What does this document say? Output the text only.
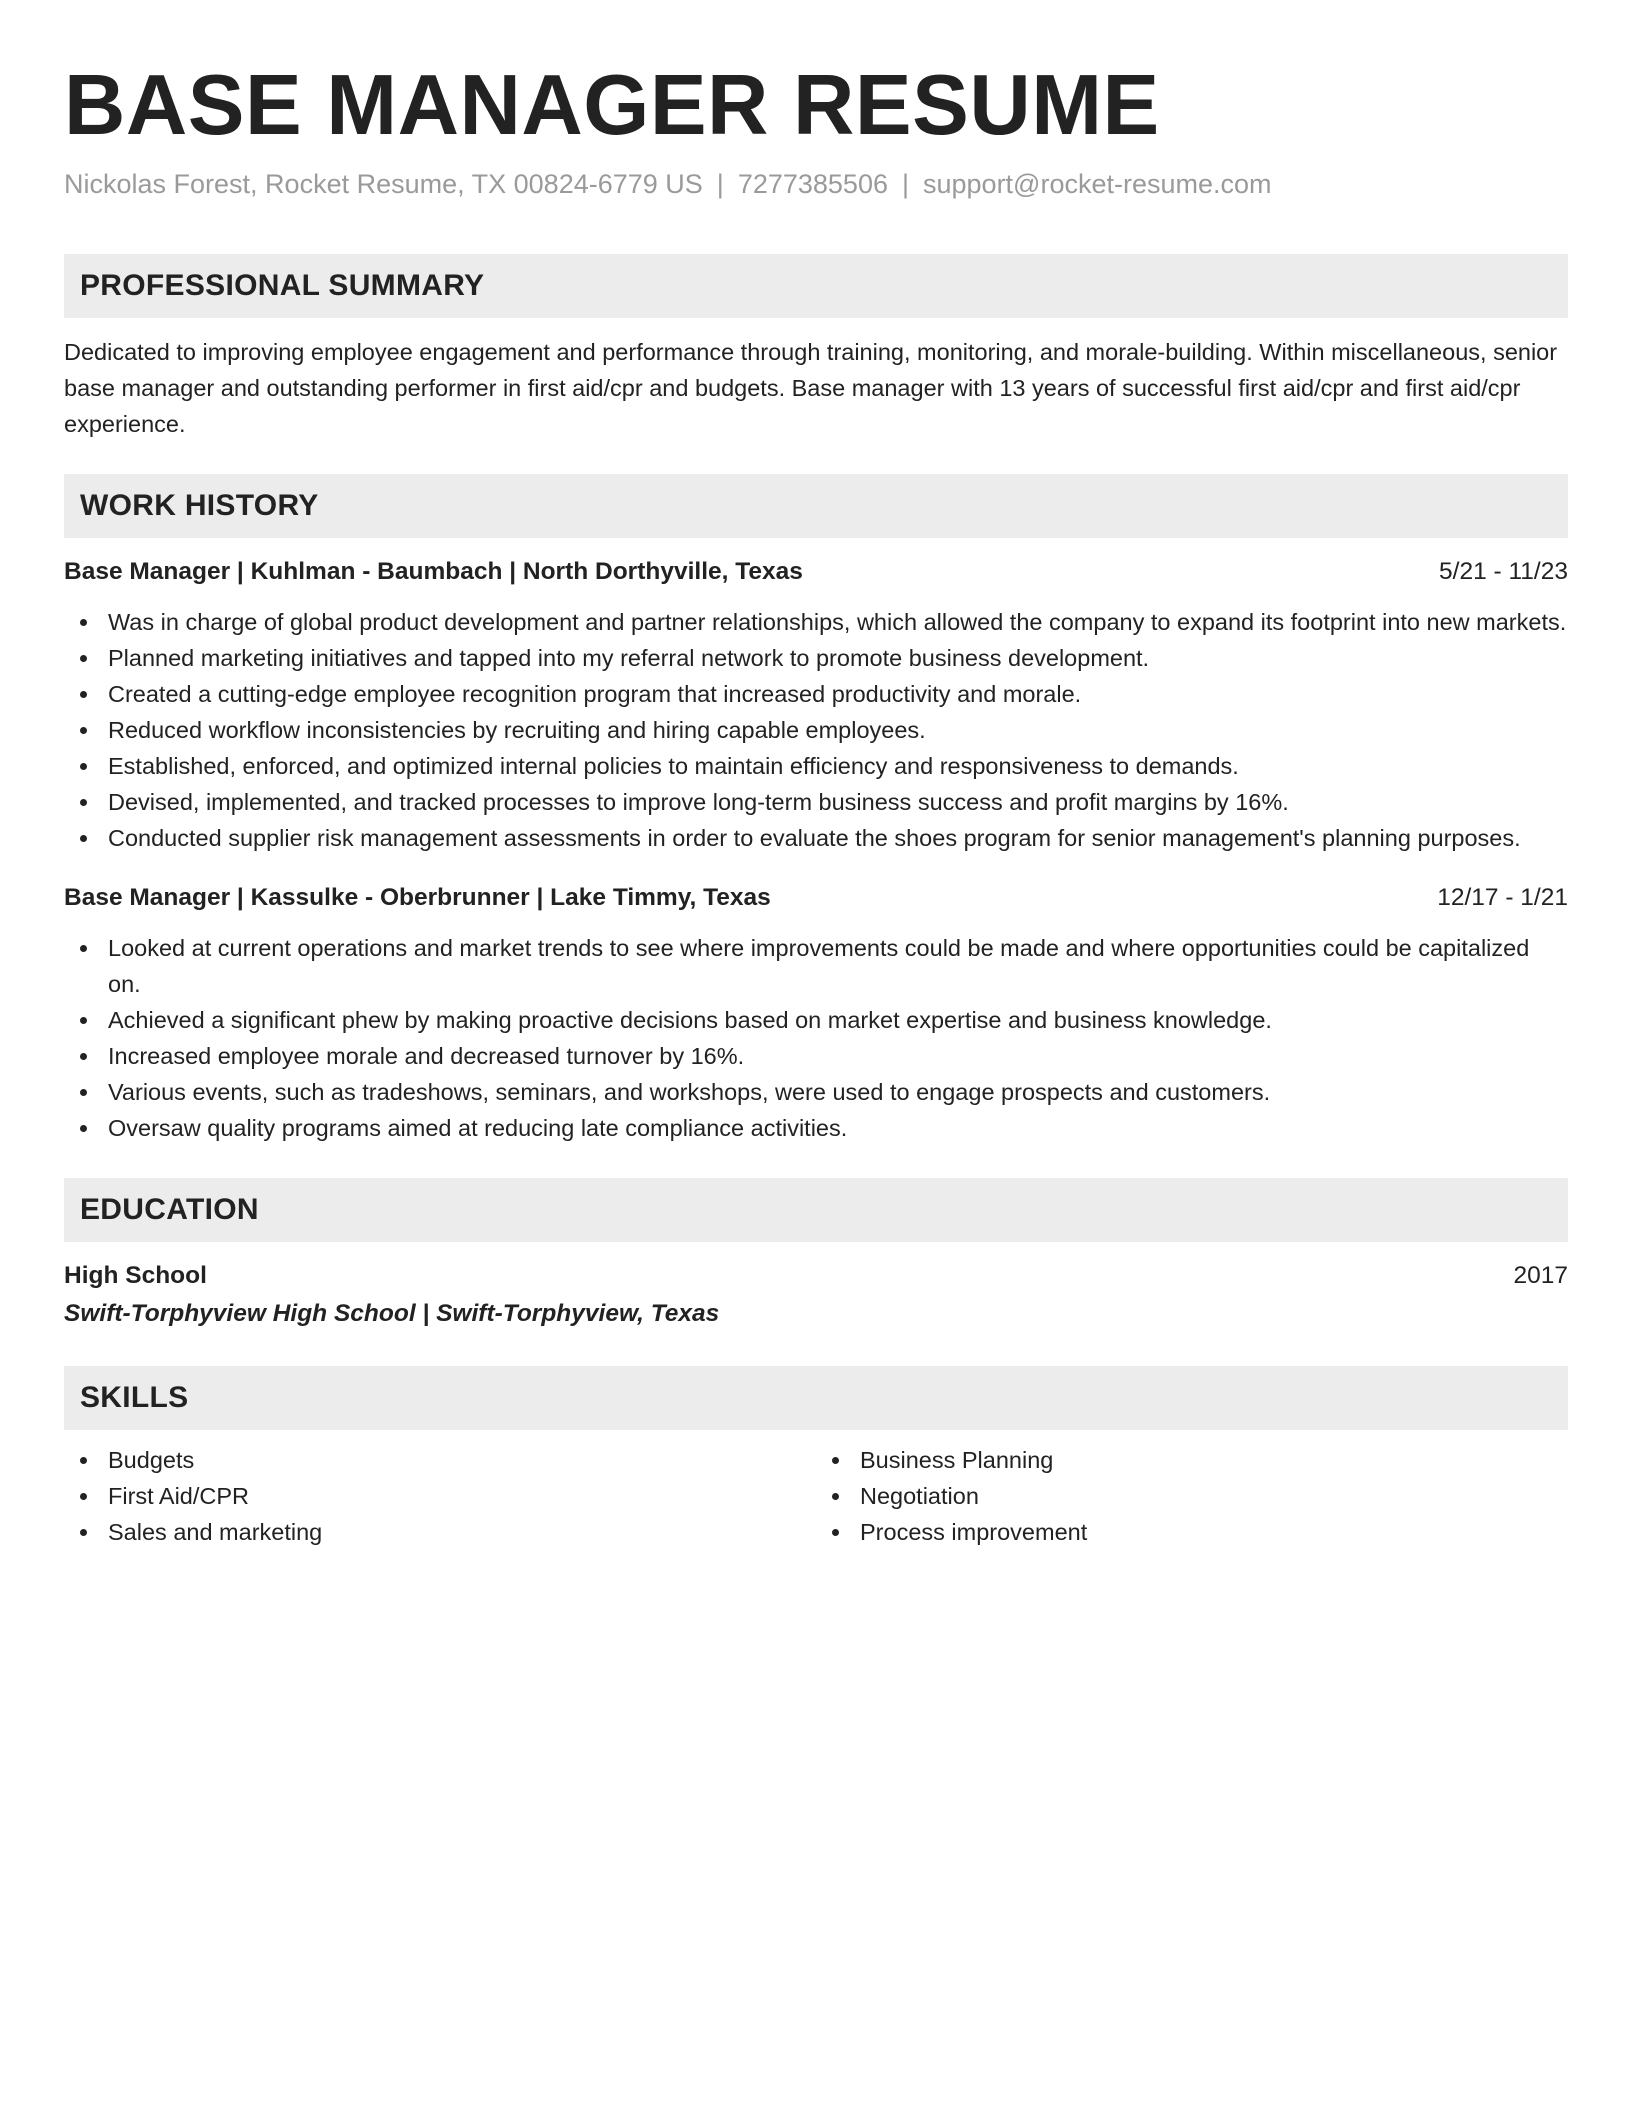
BASE MANAGER RESUME
Nickolas Forest, Rocket Resume, TX 00824-6779 US | 7277385506 | support@rocket-resume.com
PROFESSIONAL SUMMARY
Dedicated to improving employee engagement and performance through training, monitoring, and morale-building. Within miscellaneous, senior base manager and outstanding performer in first aid/cpr and budgets. Base manager with 13 years of successful first aid/cpr and first aid/cpr experience.
WORK HISTORY
Base Manager | Kuhlman - Baumbach | North Dorthyville, Texas	5/21 - 11/23
Was in charge of global product development and partner relationships, which allowed the company to expand its footprint into new markets.
Planned marketing initiatives and tapped into my referral network to promote business development.
Created a cutting-edge employee recognition program that increased productivity and morale.
Reduced workflow inconsistencies by recruiting and hiring capable employees.
Established, enforced, and optimized internal policies to maintain efficiency and responsiveness to demands.
Devised, implemented, and tracked processes to improve long-term business success and profit margins by 16%.
Conducted supplier risk management assessments in order to evaluate the shoes program for senior management's planning purposes.
Base Manager | Kassulke - Oberbrunner | Lake Timmy, Texas	12/17 - 1/21
Looked at current operations and market trends to see where improvements could be made and where opportunities could be capitalized on.
Achieved a significant phew by making proactive decisions based on market expertise and business knowledge.
Increased employee morale and decreased turnover by 16%.
Various events, such as tradeshows, seminars, and workshops, were used to engage prospects and customers.
Oversaw quality programs aimed at reducing late compliance activities.
EDUCATION
High School	2017
Swift-Torphyview High School | Swift-Torphyview, Texas
SKILLS
Budgets
First Aid/CPR
Sales and marketing
Business Planning
Negotiation
Process improvement
